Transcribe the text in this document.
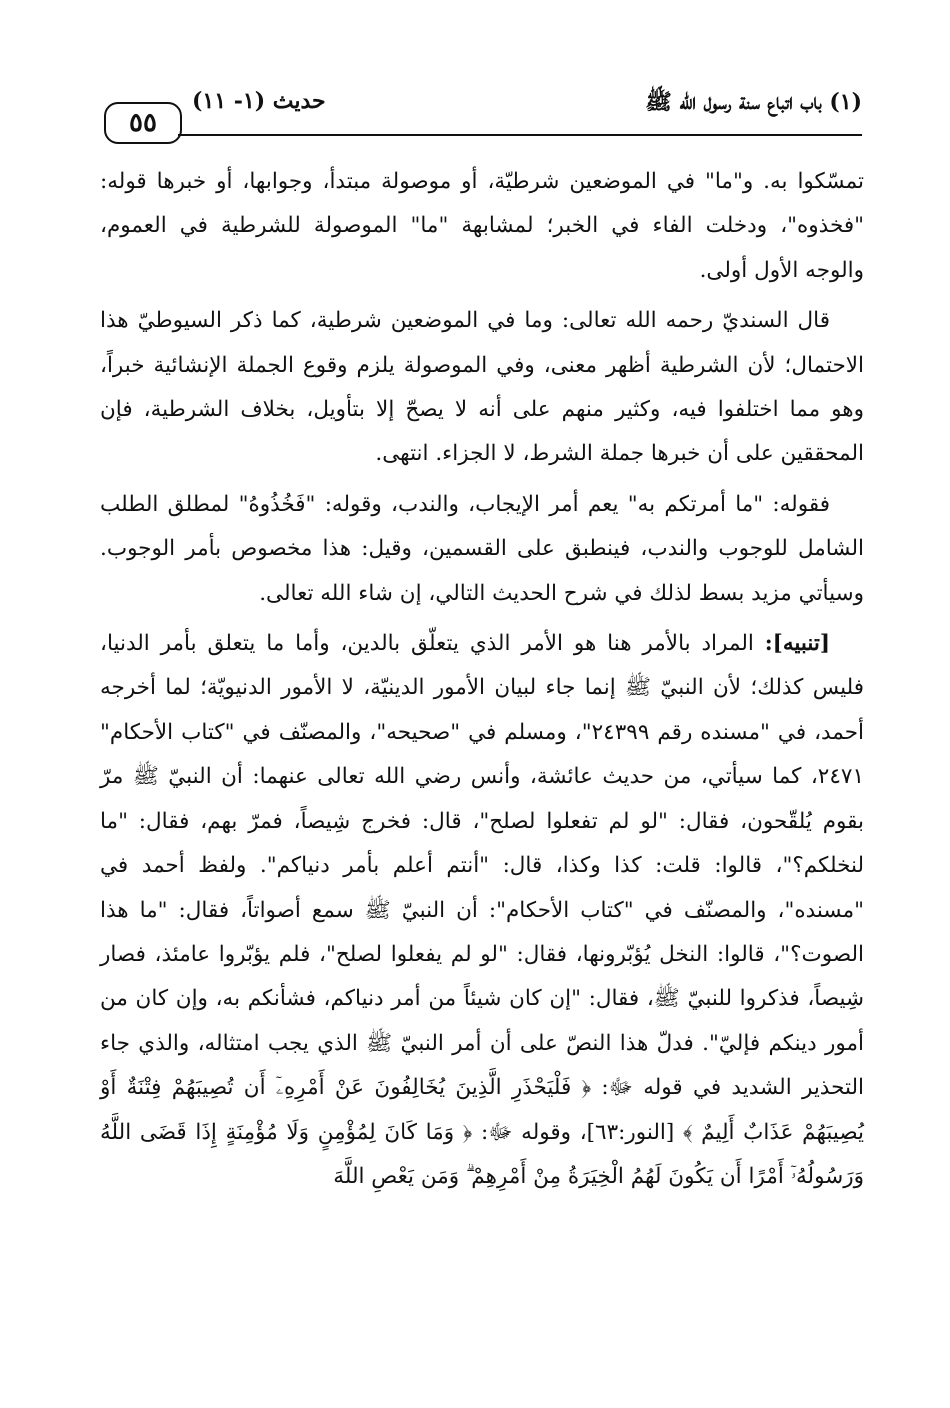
٥٥
حديث (١- ١١)	(١) باب اتباع سنة رسول الله ﷺ

تمسّكوا به. و"ما" في الموضعين شرطيّة، أو موصولة مبتدأ، وجوابها، أو خبرها قوله: "فخذوه"، ودخلت الفاء في الخبر؛ لمشابهة "ما" الموصولة للشرطية في العموم، والوجه الأول أولى.

قال السنديّ رحمه الله تعالى: وما في الموضعين شرطية، كما ذكر السيوطيّ هذا الاحتمال؛ لأن الشرطية أظهر معنى، وفي الموصولة يلزم وقوع الجملة الإنشائية خبراً، وهو مما اختلفوا فيه، وكثير منهم على أنه لا يصحّ إلا بتأويل، بخلاف الشرطية، فإن المحققين على أن خبرها جملة الشرط، لا الجزاء. انتهى.

فقوله: "ما أمرتكم به" يعم أمر الإيجاب، والندب، وقوله: "فَخُذُوهُ" لمطلق الطلب الشامل للوجوب والندب، فينطبق على القسمين، وقيل: هذا مخصوص بأمر الوجوب. وسيأتي مزيد بسط لذلك في شرح الحديث التالي، إن شاء الله تعالى.

[تنبيه]: المراد بالأمر هنا هو الأمر الذي يتعلّق بالدين، وأما ما يتعلق بأمر الدنيا، فليس كذلك؛ لأن النبيّ ﷺ إنما جاء لبيان الأمور الدينيّة، لا الأمور الدنيويّة؛ لما أخرجه أحمد، في "مسنده رقم ٢٤٣٩٩"، ومسلم في "صحيحه"، والمصنّف في "كتاب الأحكام" ٢٤٧١، كما سيأتي، من حديث عائشة، وأنس رضي الله تعالى عنهما: أن النبيّ ﷺ مرّ بقوم يُلقّحون، فقال: "لو لم تفعلوا لصلح"، قال: فخرج شِيصاً، فمرّ بهم، فقال: "ما لنخلكم؟"، قالوا: قلت: كذا وكذا، قال: "أنتم أعلم بأمر دنياكم". ولفظ أحمد في "مسنده"، والمصنّف في "كتاب الأحكام": أن النبيّ ﷺ سمع أصواتاً، فقال: "ما هذا الصوت؟"، قالوا: النخل يُؤبّرونها، فقال: "لو لم يفعلوا لصلح"، فلم يؤبّروا عامئذ، فصار شِيصاً، فذكروا للنبيّ ﷺ، فقال: "إن كان شيئاً من أمر دنياكم، فشأنكم به، وإن كان من أمور دينكم فإليّ". فدلّ هذا النصّ على أن أمر النبيّ ﷺ الذي يجب امتثاله، والذي جاء التحذير الشديد في قوله ﷻ: ﴿ فَلْيَحْذَرِ الَّذِينَ يُخَالِفُونَ عَنْ أَمْرِهِۦٓ أَن تُصِيبَهُمْ فِتْنَةٌ أَوْ يُصِيبَهُمْ عَذَابٌ أَلِيمٌ ﴾ [النور:٦٣]، وقوله ﷻ: ﴿ وَمَا كَانَ لِمُؤْمِنٍ وَلَا مُؤْمِنَةٍ إِذَا قَضَى اللَّهُ وَرَسُولُهُۥٓ أَمْرًا أَن يَكُونَ لَهُمُ الْخِيَرَةُ مِنْ أَمْرِهِمْ ۗ وَمَن يَعْصِ اللَّهَ
